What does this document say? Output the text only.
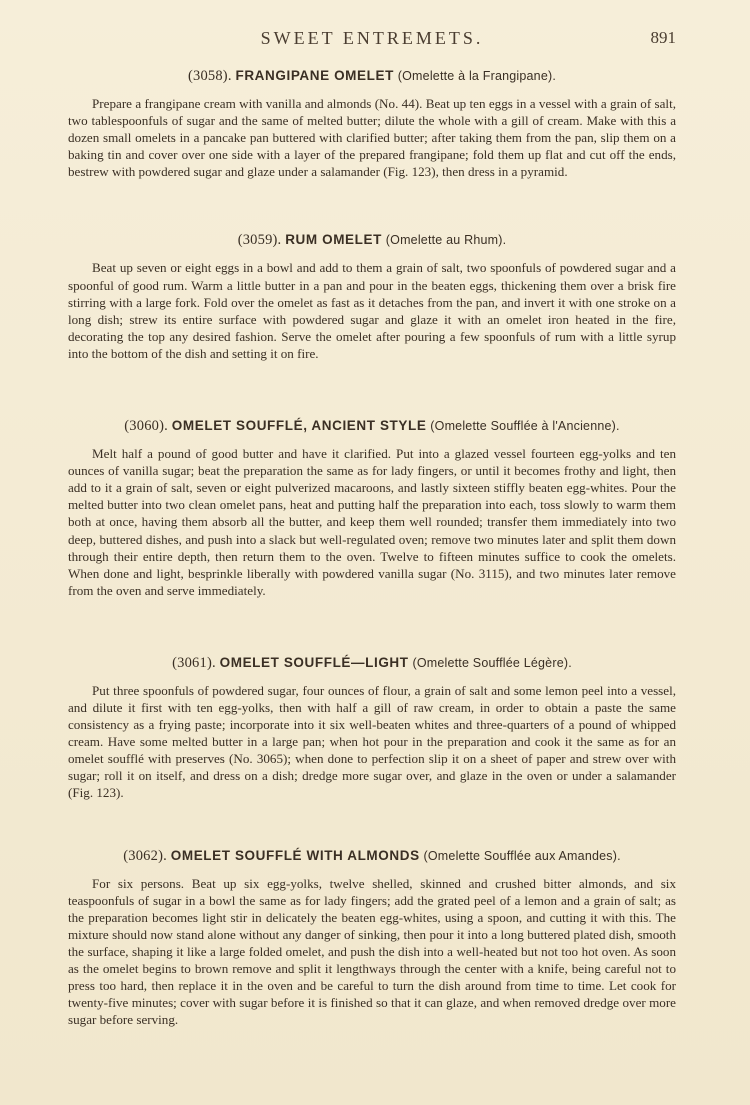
SWEET ENTREMETS.	891
(3058). FRANGIPANE OMELET (Omelette à la Frangipane).

Prepare a frangipane cream with vanilla and almonds (No. 44). Beat up ten eggs in a vessel with a grain of salt, two tablespoonfuls of sugar and the same of melted butter; dilute the whole with a gill of cream. Make with this a dozen small omelets in a pancake pan buttered with clarified butter; after taking them from the pan, slip them on a baking tin and cover over one side with a layer of the prepared frangipane; fold them up flat and cut off the ends, bestrew with powdered sugar and glaze under a salamander (Fig. 123), then dress in a pyramid.

(3059). RUM OMELET (Omelette au Rhum).

Beat up seven or eight eggs in a bowl and add to them a grain of salt, two spoonfuls of powdered sugar and a spoonful of good rum. Warm a little butter in a pan and pour in the beaten eggs, thickening them over a brisk fire stirring with a large fork. Fold over the omelet as fast as it detaches from the pan, and invert it with one stroke on a long dish; strew its entire surface with powdered sugar and glaze it with an omelet iron heated in the fire, decorating the top any desired fashion. Serve the omelet after pouring a few spoonfuls of rum with a little syrup into the bottom of the dish and setting it on fire.

(3060). OMELET SOUFFLÉ, ANCIENT STYLE (Omelette Soufflée à l'Ancienne).

Melt half a pound of good butter and have it clarified. Put into a glazed vessel fourteen egg-yolks and ten ounces of vanilla sugar; beat the preparation the same as for lady fingers, or until it becomes frothy and light, then add to it a grain of salt, seven or eight pulverized macaroons, and lastly sixteen stiffly beaten egg-whites. Pour the melted butter into two clean omelet pans, heat and putting half the preparation into each, toss slowly to warm them both at once, having them absorb all the butter, and keep them well rounded; transfer them immediately into two deep, buttered dishes, and push into a slack but well-regulated oven; remove two minutes later and split them down through their entire depth, then return them to the oven. Twelve to fifteen minutes suffice to cook the omelets. When done and light, besprinkle liberally with powdered vanilla sugar (No. 3115), and two minutes later remove from the oven and serve immediately.

(3061). OMELET SOUFFLÉ—LIGHT (Omelette Soufflée Légère).

Put three spoonfuls of powdered sugar, four ounces of flour, a grain of salt and some lemon peel into a vessel, and dilute it first with ten egg-yolks, then with half a gill of raw cream, in order to obtain a paste the same consistency as a frying paste; incorporate into it six well-beaten whites and three-quarters of a pound of whipped cream. Have some melted butter in a large pan; when hot pour in the preparation and cook it the same as for an omelet soufflé with preserves (No. 3065); when done to perfection slip it on a sheet of paper and strew over with sugar; roll it on itself, and dress on a dish; dredge more sugar over, and glaze in the oven or under a salamander (Fig. 123).

(3062). OMELET SOUFFLÉ WITH ALMONDS (Omelette Soufflée aux Amandes).

For six persons. Beat up six egg-yolks, twelve shelled, skinned and crushed bitter almonds, and six teaspoonfuls of sugar in a bowl the same as for lady fingers; add the grated peel of a lemon and a grain of salt; as the preparation becomes light stir in delicately the beaten egg-whites, using a spoon, and cutting it with this. The mixture should now stand alone without any danger of sinking, then pour it into a long buttered plated dish, smooth the surface, shaping it like a large folded omelet, and push the dish into a well-heated but not too hot oven. As soon as the omelet begins to brown remove and split it lengthways through the center with a knife, being careful not to press too hard, then replace it in the oven and be careful to turn the dish around from time to time. Let cook for twenty-five minutes; cover with sugar before it is finished so that it can glaze, and when removed dredge over more sugar before serving.
